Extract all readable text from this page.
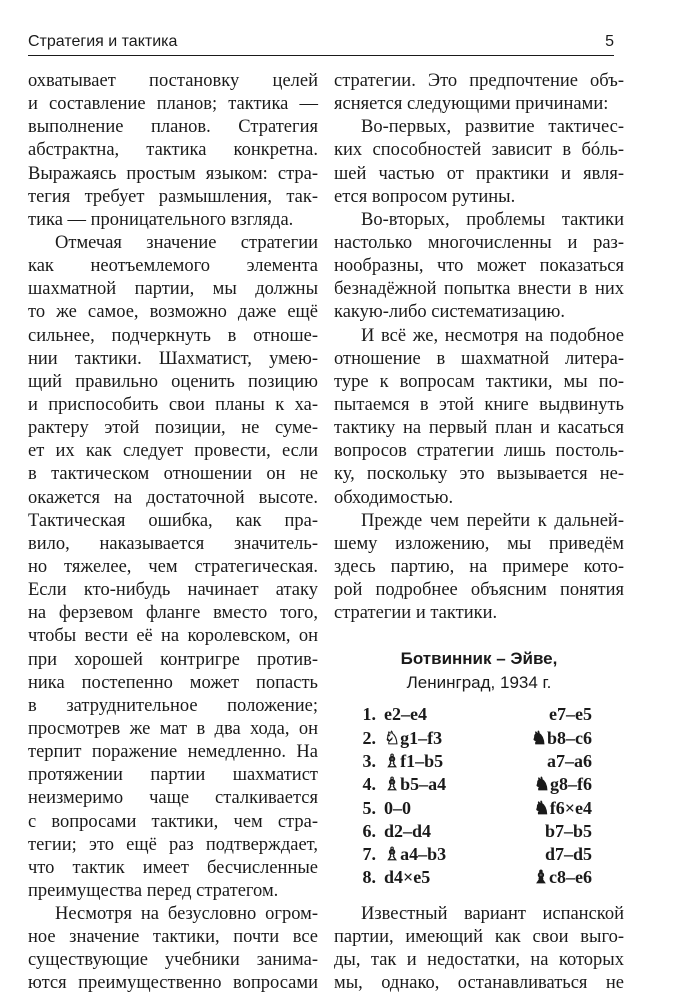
Стратегия и тактика	5
охватывает постановку целей
и составление планов; тактика —
выполнение планов. Стратегия
абстрактна, тактика конкретна.
Выражаясь простым языком: стра-
тегия требует размышления, так-
тика — проницательного взгляда.
Отмечая значение стратегии
как неотъемлемого элемента
шахматной партии, мы должны
то же самое, возможно даже ещё
сильнее, подчеркнуть в отноше-
нии тактики. Шахматист, умею-
щий правильно оценить позицию
и приспособить свои планы к ха-
рактеру этой позиции, не суме-
ет их как следует провести, если
в тактическом отношении он не
окажется на достаточной высоте.
Тактическая ошибка, как пра-
вило, наказывается значитель-
но тяжелее, чем стратегическая.
Если кто-нибудь начинает атаку
на ферзевом фланге вместо того,
чтобы вести её на королевском, он
при хорошей контригре против-
ника постепенно может попасть
в затруднительное положение;
просмотрев же мат в два хода, он
терпит поражение немедленно. На
протяжении партии шахматист
неизмеримо чаще сталкивается
с вопросами тактики, чем стра-
тегии; это ещё раз подтверждает,
что тактик имеет бесчисленные
преимущества перед стратегом.
Несмотря на безусловно огром-
ное значение тактики, почти все
существующие учебники занима-
ются преимущественно вопросами
стратегии. Это предпочтение объ-
ясняется следующими причинами:
Во-первых, развитие тактичес-
ких способностей зависит в бóль-
шей частью от практики и явля-
ется вопросом рутины.
Во-вторых, проблемы тактики
настолько многочисленны и раз-
нообразны, что может показаться
безнадёжной попытка внести в них
какую-либо систематизацию.
И всё же, несмотря на подобное
отношение в шахматной литера-
туре к вопросам тактики, мы по-
пытаемся в этой книге выдвинуть
тактику на первый план и касаться
вопросов стратегии лишь постоль-
ку, поскольку это вызывается не-
обходимостью.
Прежде чем перейти к дальней-
шему изложению, мы приведём
здесь партию, на примере кото-
рой подробнее объясним понятия
стратегии и тактики.
Ботвинник – Эйве,
Ленинград, 1934 г.
1. e2–e4	e7–e5
2. ♘g1–f3	♞b8–c6
3. ♗f1–b5	a7–a6
4. ♗b5–a4	♞g8–f6
5. 0–0	♞f6×e4
6. d2–d4	b7–b5
7. ♗a4–b3	d7–d5
8. d4×e5	♝c8–e6
Известный вариант испанской
партии, имеющий как свои выго-
ды, так и недостатки, на которых
мы, однако, останавливаться не
